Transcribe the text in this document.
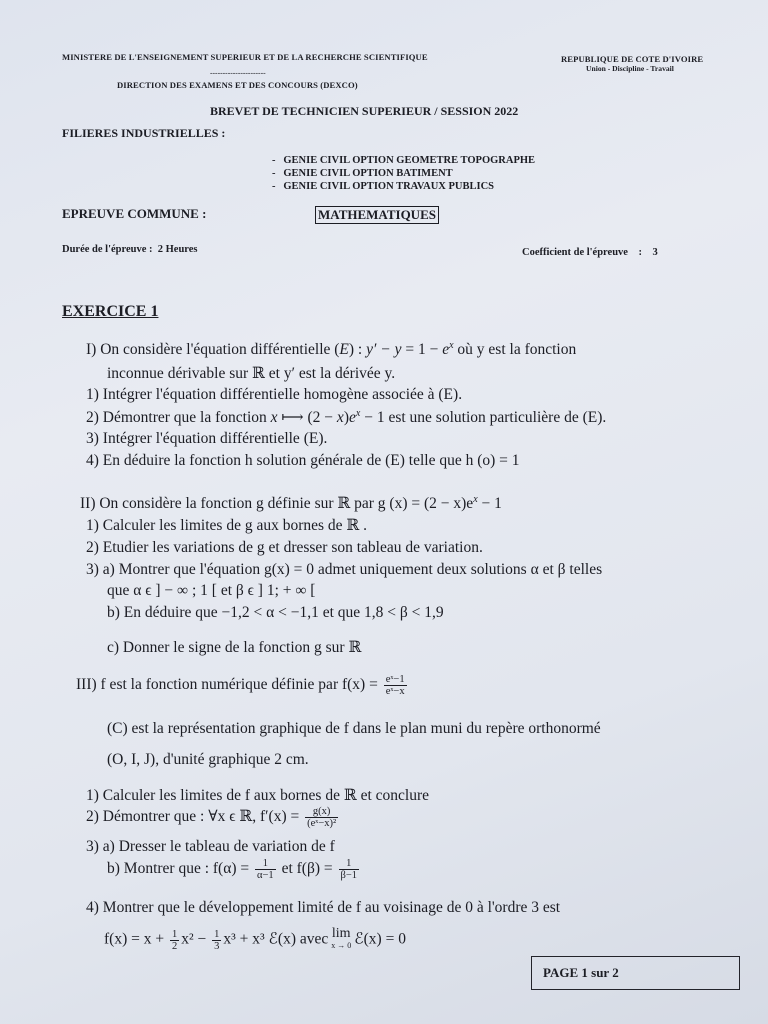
MINISTERE DE L'ENSEIGNEMENT SUPERIEUR ET DE LA RECHERCHE SCIENTIFIQUE
----------------------
DIRECTION DES EXAMENS ET DES CONCOURS (DEXCO)
REPUBLIQUE DE COTE D'IVOIRE
Union - Discipline - Travail
BREVET DE TECHNICIEN SUPERIEUR / SESSION 2022
FILIERES INDUSTRIELLES :
-   GENIE CIVIL OPTION GEOMETRE TOPOGRAPHE
-   GENIE CIVIL OPTION BATIMENT
-   GENIE CIVIL OPTION TRAVAUX PUBLICS
EPREUVE COMMUNE :	MATHEMATIQUES
Durée de l'épreuve : 2 Heures	Coefficient de l'épreuve : 3
EXERCICE 1
I) On considère l'équation différentielle (E) : $y' - y = 1 - e^x$ où y est la fonction
inconnue dérivable sur ℝ et y′ est la dérivée y.
1) Intégrer l'équation différentielle homogène associée à (E).
2) Démontrer que la fonction x ⟼ $(2 - x)e^x - 1$ est une solution particulière de (E).
3) Intégrer l'équation différentielle (E).
4) En déduire la fonction h solution générale de (E) telle que h (o) = 1
II) On considère la fonction g définie sur ℝ par g $(x) = (2 - x)e^x - 1$
1) Calculer les limites de g aux bornes de ℝ .
2) Etudier les variations de g et dresser son tableau de variation.
3) a) Montrer que l'équation g(x) = 0 admet uniquement deux solutions α et β telles
que α ϵ ] − ∞ ; 1 [ et β ϵ ] 1; + ∞ [
b) En déduire que −1,2 < α < −1,1 et que 1,8 < β < 1,9
c) Donner le signe de la fonction g sur ℝ
III) f est la fonction numérique définie par $f(x) = \frac{\text{eˣ−1}}{\text{eˣ−x}}$
(C) est la représentation graphique de f dans le plan muni du repère orthonormé
(O, I, J), d'unité graphique 2 cm.
1) Calculer les limites de f aux bornes de ℝ et conclure
2) Démontrer que : ∀x ϵ ℝ, $f'(x) = \frac{g(x)}{\text{(eˣ−x)²}}$
3) a) Dresser le tableau de variation de f
b) Montrer que : $f(\alpha) = \frac{1}{\alpha-1}$ et $f(\beta) = \frac{1}{\beta-1}$
4) Montrer que le développement limité de f au voisinage de 0 à l'ordre 3 est
$f(x) = x + \frac{1}{2} x^2 - \frac{1}{3} x^3 + x^3$ ℰ(x) avec lim
x → 0 ℰ(x) = 0
PAGE 1 sur 2
